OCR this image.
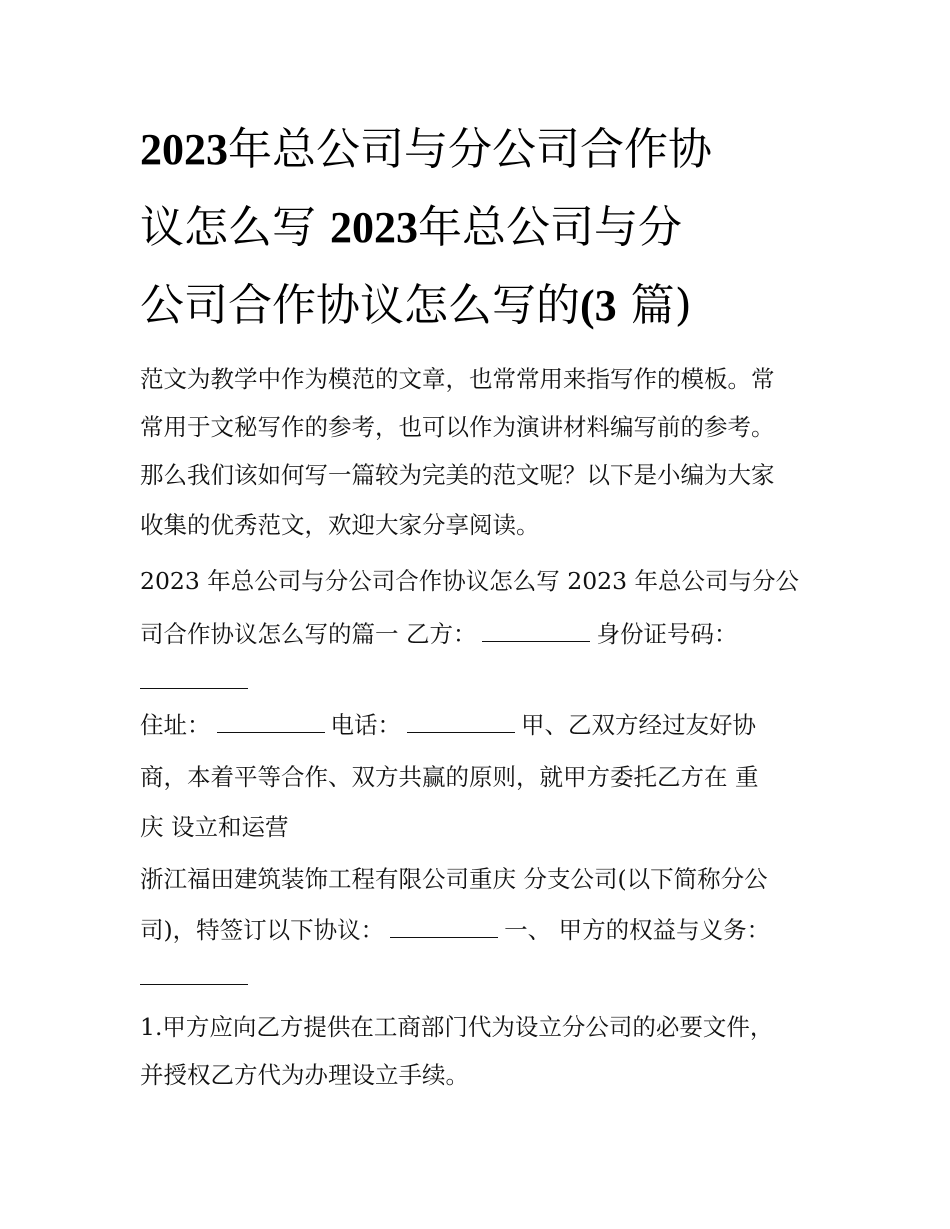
2023年总公司与分公司合作协
议怎么写 2023年总公司与分
公司合作协议怎么写的(3 篇)
范文为教学中作为模范的文章，也常常用来指写作的模板。常
常用于文秘写作的参考，也可以作为演讲材料编写前的参考。
那么我们该如何写一篇较为完美的范文呢？以下是小编为大家
收集的优秀范文，欢迎大家分享阅读。
2023 年总公司与分公司合作协议怎么写 2023 年总公司与分公
司合作协议怎么写的篇一 乙方：	身份证号码：
住址：	电话：	甲、乙双方经过友好协
商，本着平等合作、双方共赢的原则，就甲方委托乙方在 重
庆 设立和运营
浙江福田建筑装饰工程有限公司重庆 分支公司(以下简称分公
司)，特签订以下协议：	一、 甲方的权益与义务：
1.甲方应向乙方提供在工商部门代为设立分公司的必要文件，
并授权乙方代为办理设立手续。
